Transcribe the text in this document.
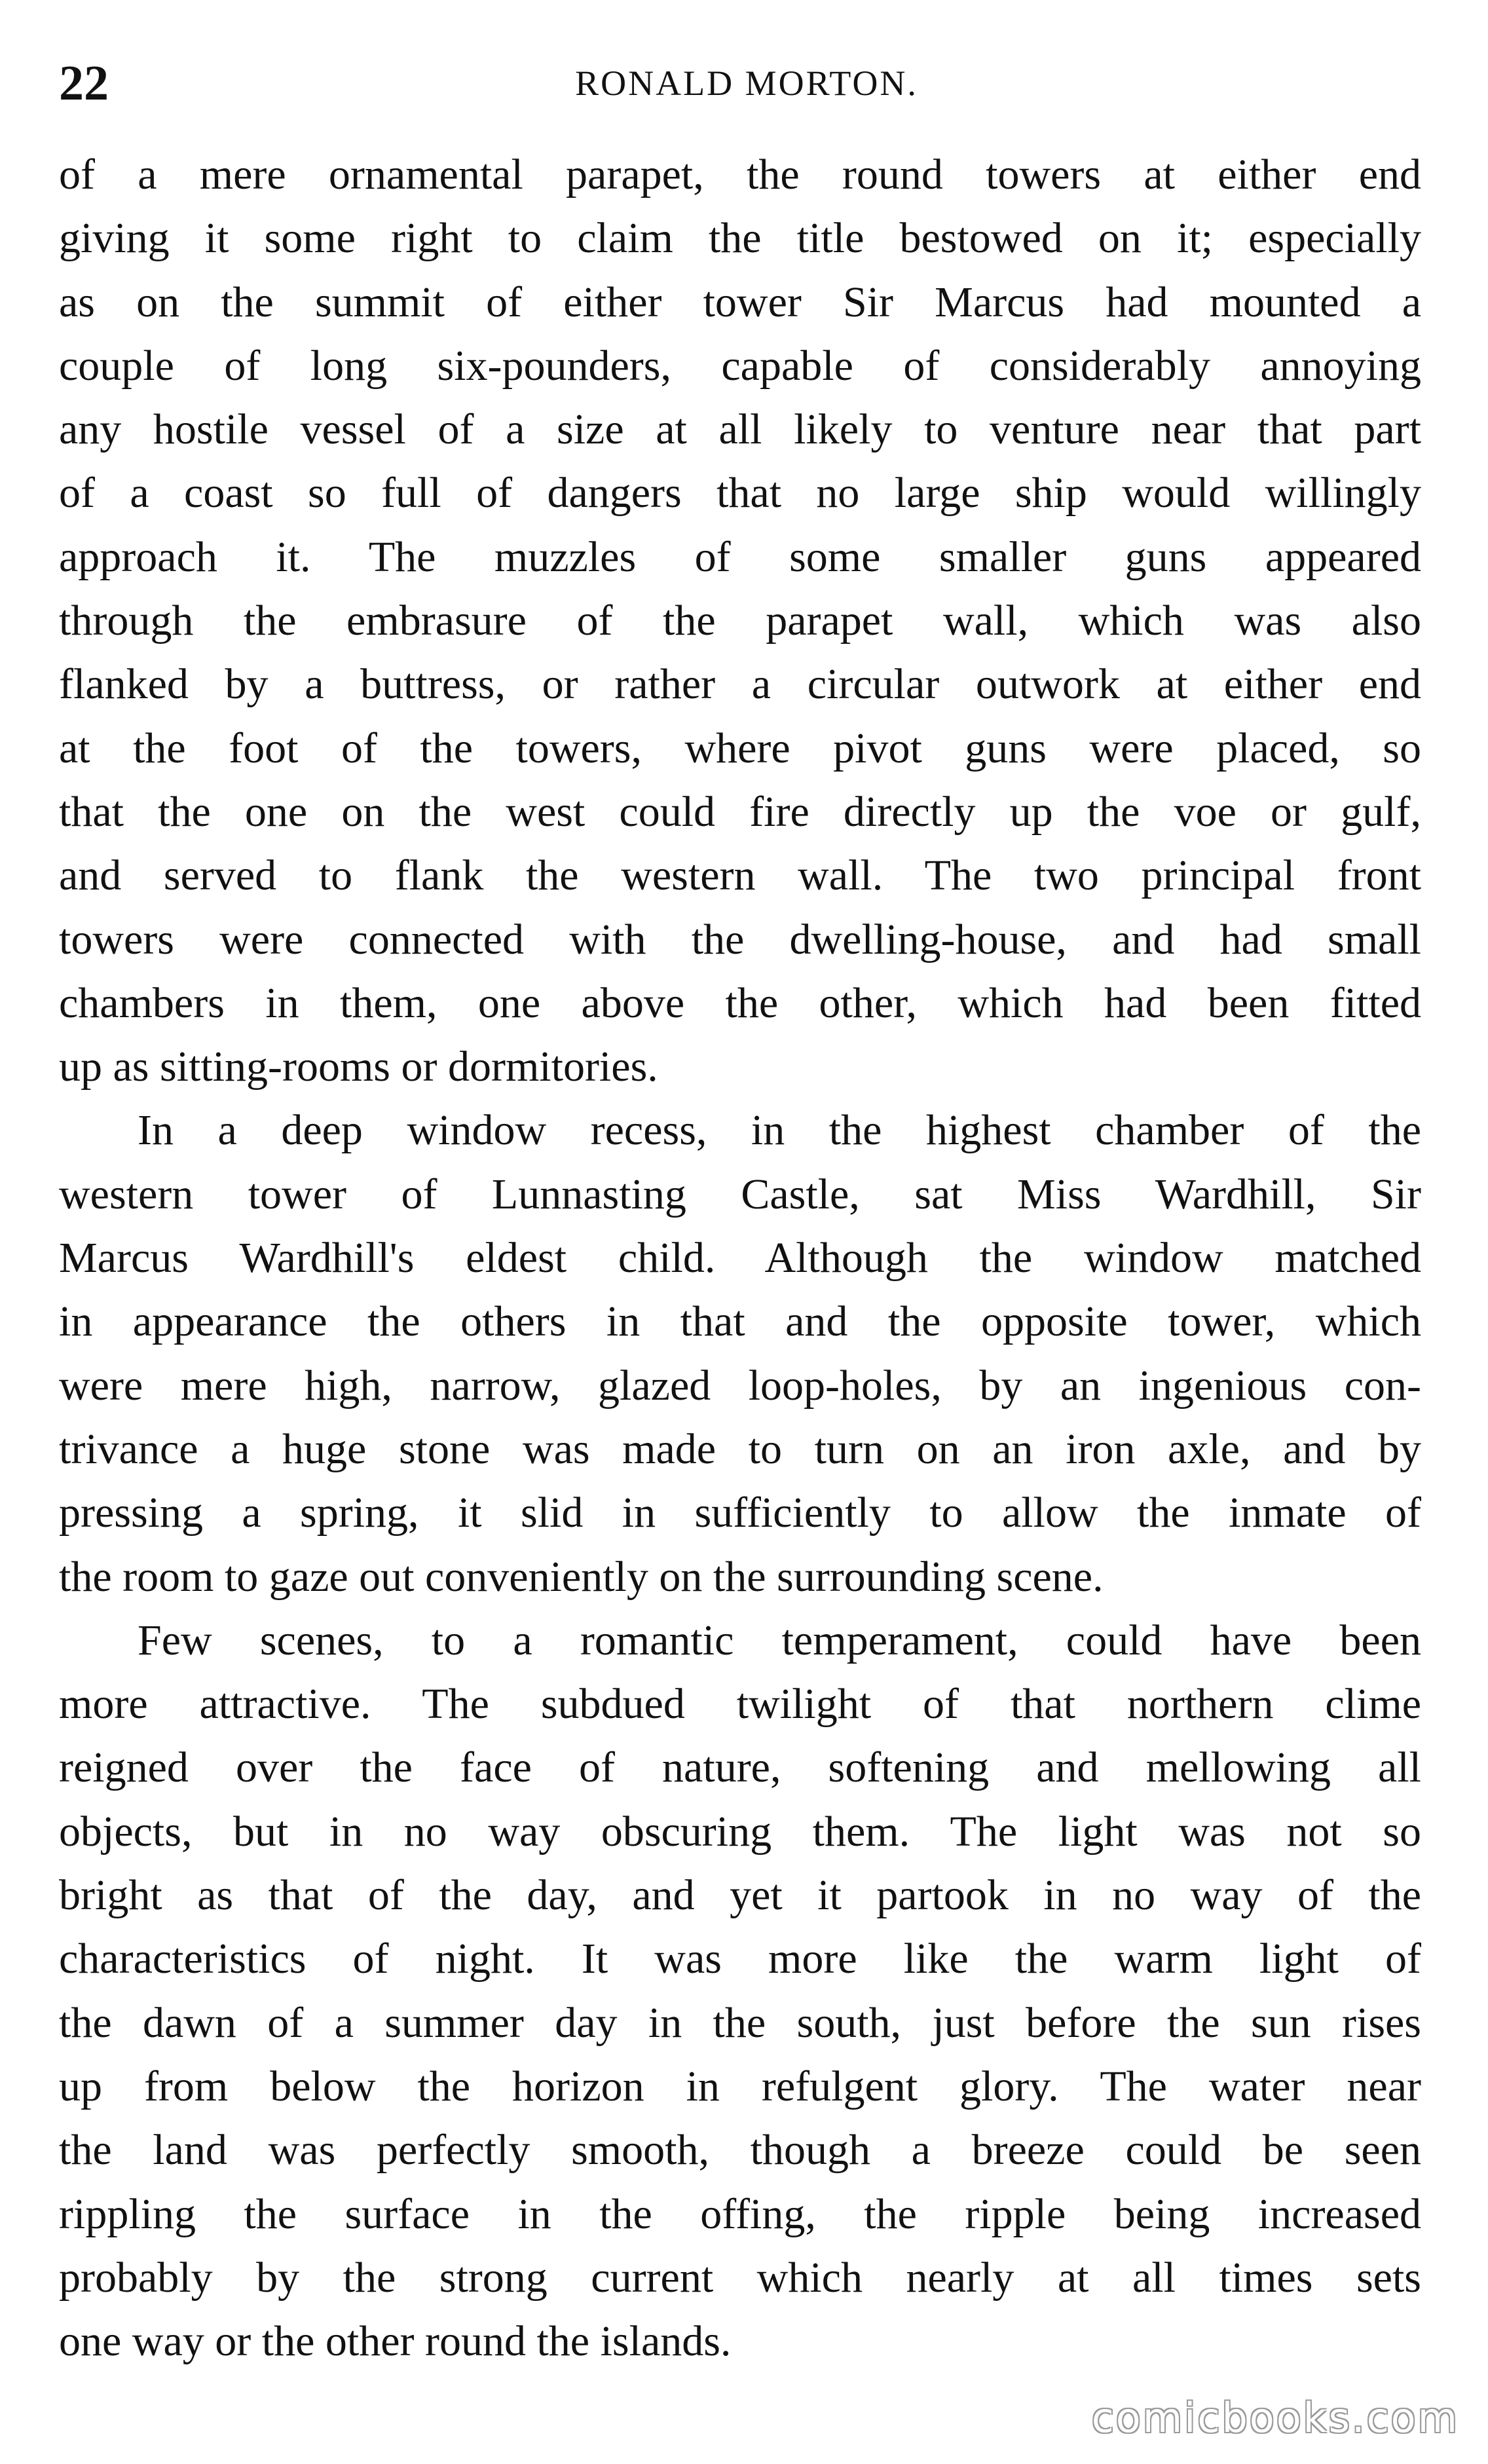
22	RONALD MORTON.
of a mere ornamental parapet, the round towers at either end
giving it some right to claim the title bestowed on it; especially
as on the summit of either tower Sir Marcus had mounted a
couple of long six-pounders, capable of considerably annoying
any hostile vessel of a size at all likely to venture near that part
of a coast so full of dangers that no large ship would willingly
approach it. The muzzles of some smaller guns appeared
through the embrasure of the parapet wall, which was also
flanked by a buttress, or rather a circular outwork at either end
at the foot of the towers, where pivot guns were placed, so
that the one on the west could fire directly up the voe or gulf,
and served to flank the western wall. The two principal front
towers were connected with the dwelling-house, and had small
chambers in them, one above the other, which had been fitted
up as sitting-rooms or dormitories.
In a deep window recess, in the highest chamber of the
western tower of Lunnasting Castle, sat Miss Wardhill, Sir
Marcus Wardhill's eldest child. Although the window matched
in appearance the others in that and the opposite tower, which
were mere high, narrow, glazed loop-holes, by an ingenious con-
trivance a huge stone was made to turn on an iron axle, and by
pressing a spring, it slid in sufficiently to allow the inmate of
the room to gaze out conveniently on the surrounding scene.
Few scenes, to a romantic temperament, could have been
more attractive. The subdued twilight of that northern clime
reigned over the face of nature, softening and mellowing all
objects, but in no way obscuring them. The light was not so
bright as that of the day, and yet it partook in no way of the
characteristics of night. It was more like the warm light of
the dawn of a summer day in the south, just before the sun rises
up from below the horizon in refulgent glory. The water near
the land was perfectly smooth, though a breeze could be seen
rippling the surface in the offing, the ripple being increased
probably by the strong current which nearly at all times sets
one way or the other round the islands.
comicbooks.com
